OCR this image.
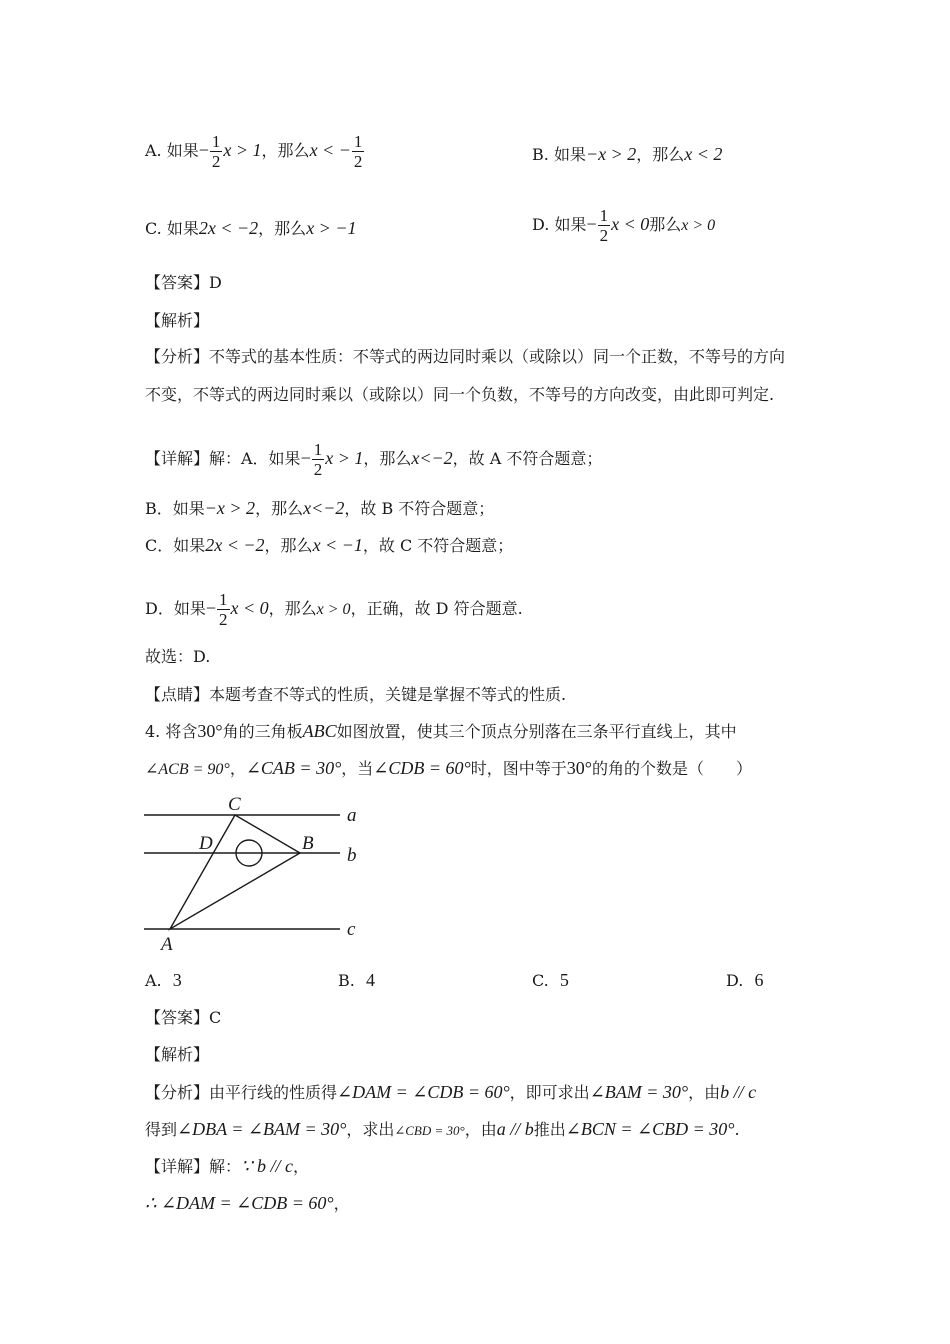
A. 如果− $\frac{1}{2}$ x > 1，那么x < − $\frac{1}{2}$	B. 如果−x > 2，那么x < 2
C. 如果2x < −2，那么x > −1	D. 如果− $\frac{1}{2}$ x < 0那么x > 0
【答案】D
【解析】
【分析】不等式的基本性质：不等式的两边同时乘以（或除以）同一个正数，不等号的方向
不变，不等式的两边同时乘以（或除以）同一个负数，不等号的方向改变，由此即可判定.
【详解】解：A．如果− $\frac{1}{2}$ x > 1，那么x<−2，故 A 不符合题意；
B．如果−x > 2，那么x<−2，故 B 不符合题意；
C．如果2x < −2，那么x < −1，故 C 不符合题意；
D．如果− $\frac{1}{2}$ x < 0，那么x > 0，正确，故 D 符合题意.
故选：D.
【点睛】本题考查不等式的性质，关键是掌握不等式的性质.
4. 将含30°角的三角板ABC如图放置，使其三个顶点分别落在三条平行直线上，其中
∠ACB = 90°，∠CAB = 30°，当∠CDB = 60°时，图中等于30°的角的个数是（　　）
C
a
D	B
b
A
c
A. 3	B. 4	C. 5	D. 6
【答案】C
【解析】
【分析】由平行线的性质得∠DAM = ∠CDB = 60°，即可求出∠BAM = 30°，由b // c
得到∠DBA = ∠BAM = 30°，求出∠CBD = 30°，由a // b推出∠BCN = ∠CBD = 30°.
【详解】解：∵ b // c，
∴ ∠DAM = ∠CDB = 60°，
